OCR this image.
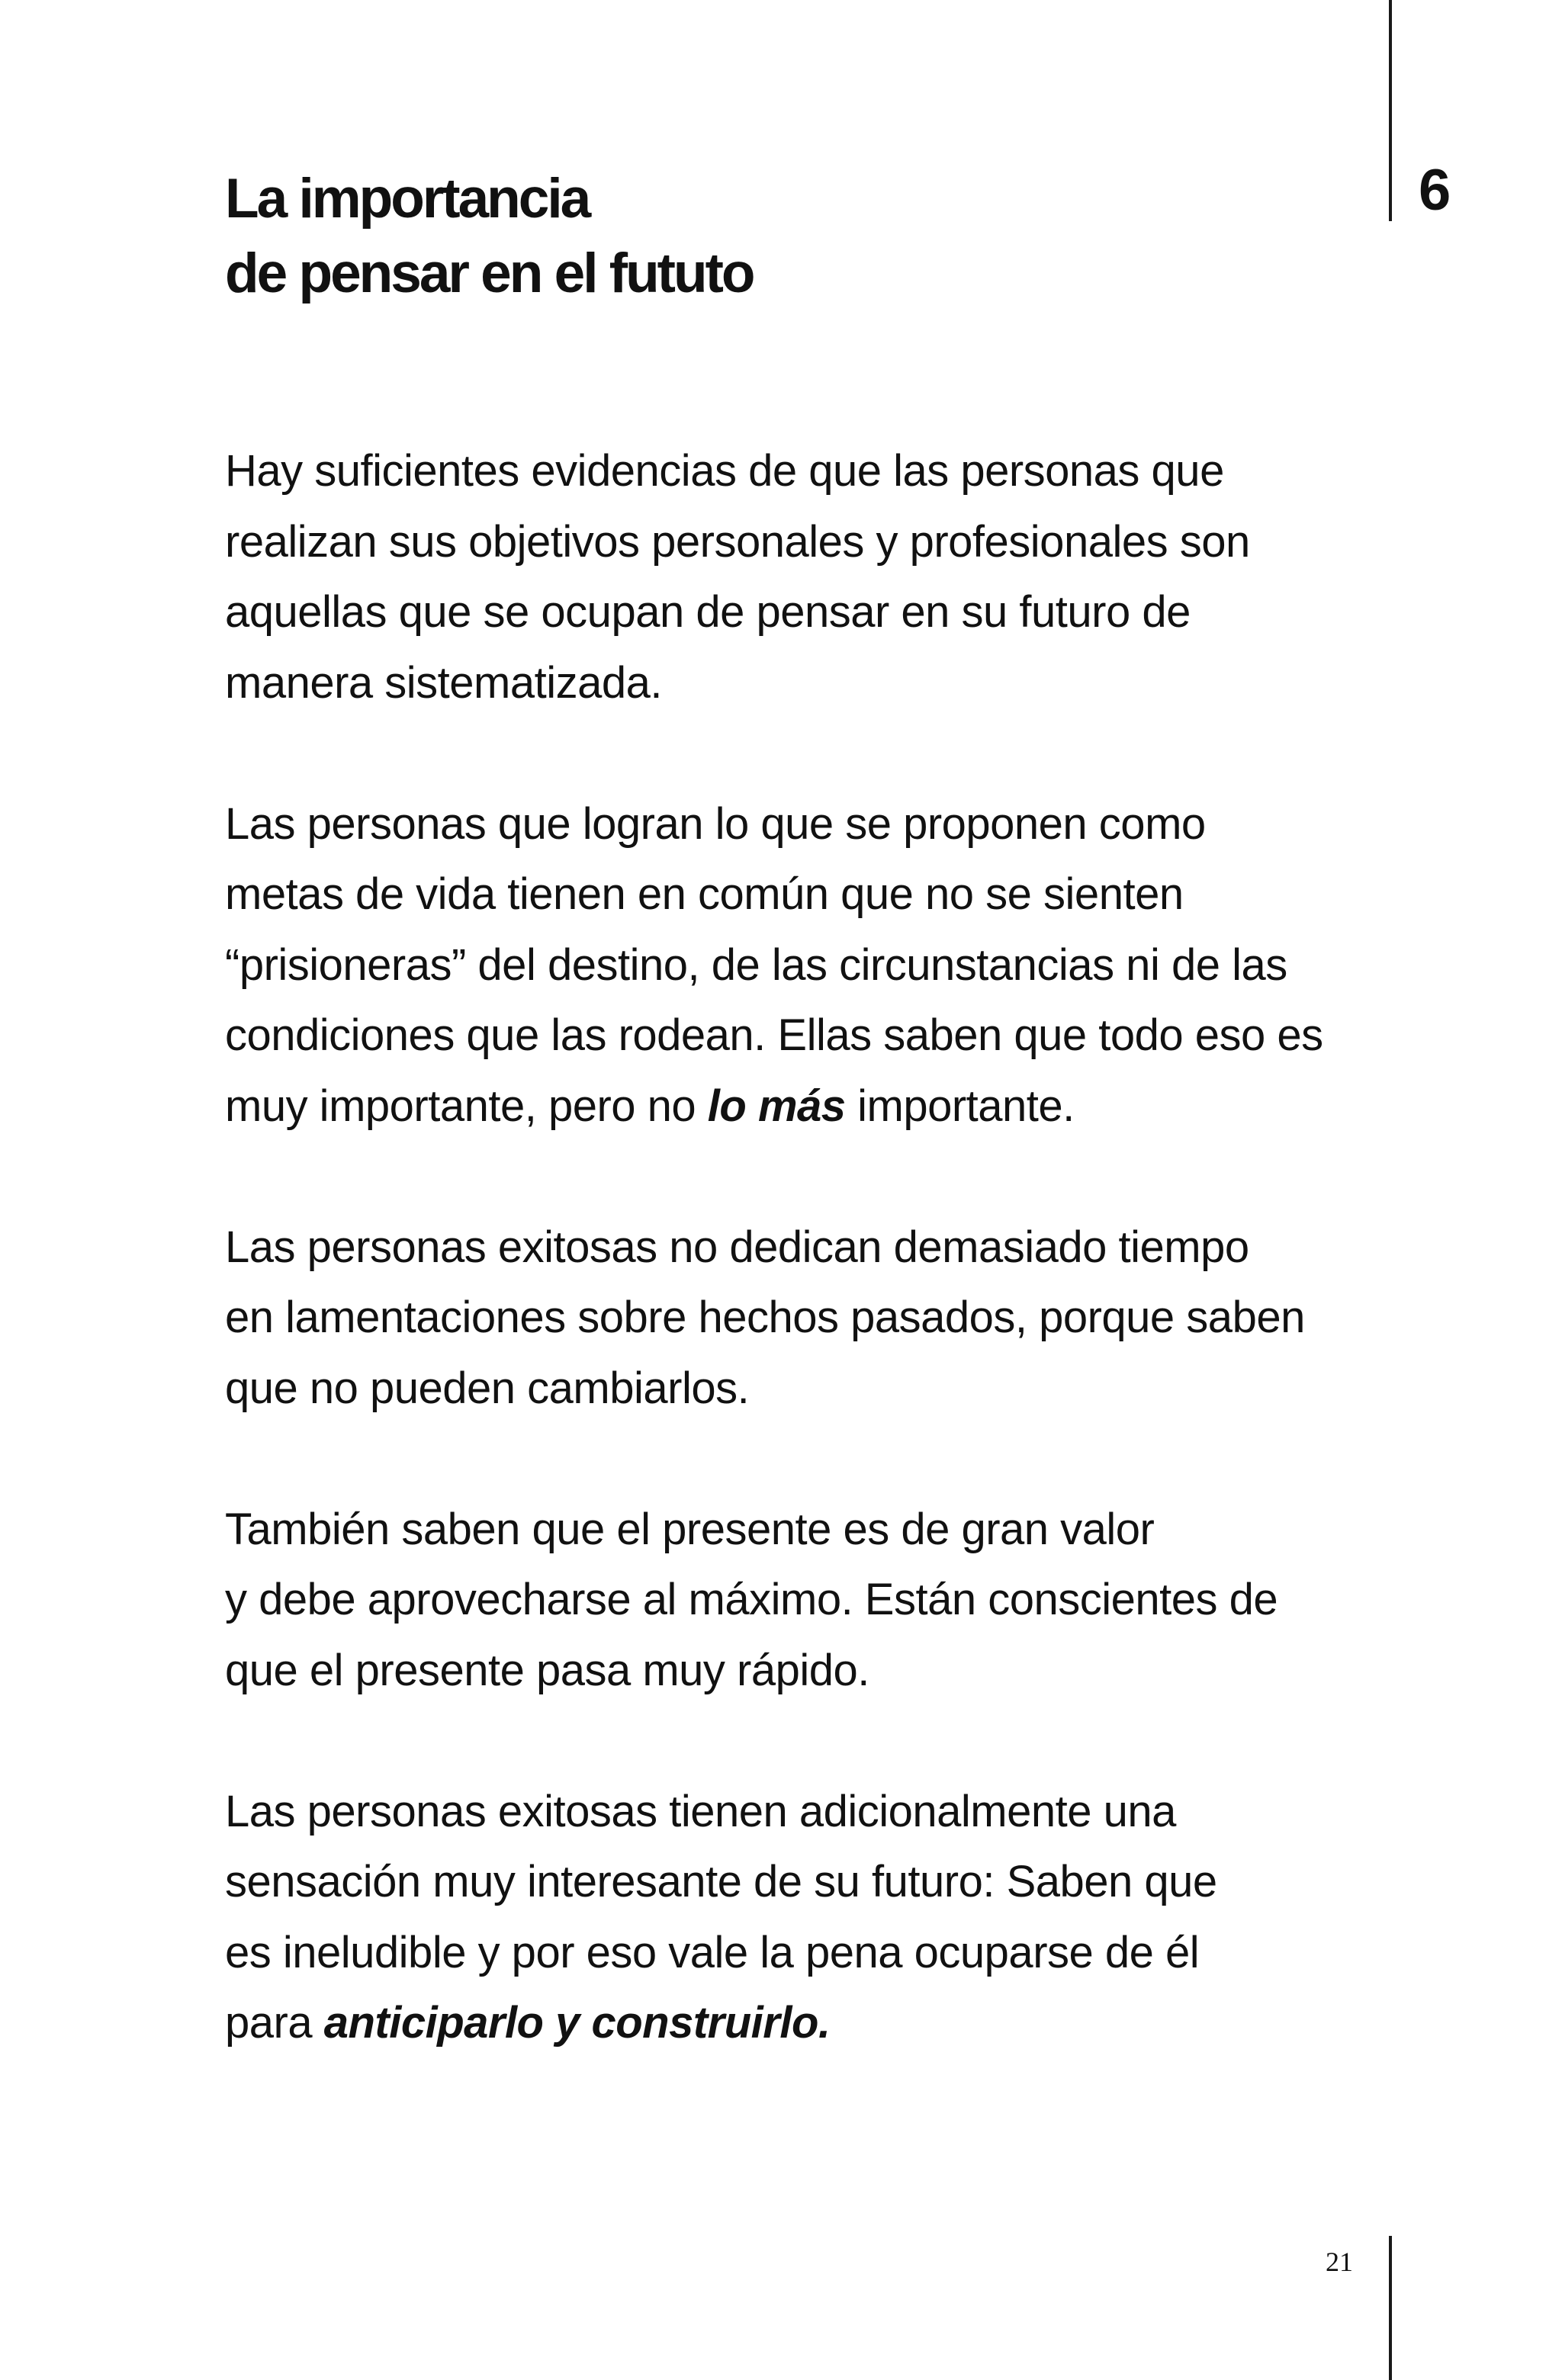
6
La importancia
de pensar en el fututo

Hay suficientes evidencias de que las personas que
realizan sus objetivos personales y profesionales son
aquellas que se ocupan de pensar en su futuro de
manera sistematizada.

Las personas que logran lo que se proponen como
metas de vida tienen en común que no se sienten
“prisioneras” del destino, de las circunstancias ni de las
condiciones que las rodean. Ellas saben que todo eso es
muy importante, pero no lo más importante.

Las personas exitosas no dedican demasiado tiempo
en lamentaciones sobre hechos pasados, porque saben
que no pueden cambiarlos.

También saben que el presente es de gran valor
y debe aprovecharse al máximo. Están conscientes de
que el presente pasa muy rápido.

Las personas exitosas tienen adicionalmente una
sensación muy interesante de su futuro: Saben que
es ineludible y por eso vale la pena ocuparse de él
para anticiparlo y construirlo.

21
